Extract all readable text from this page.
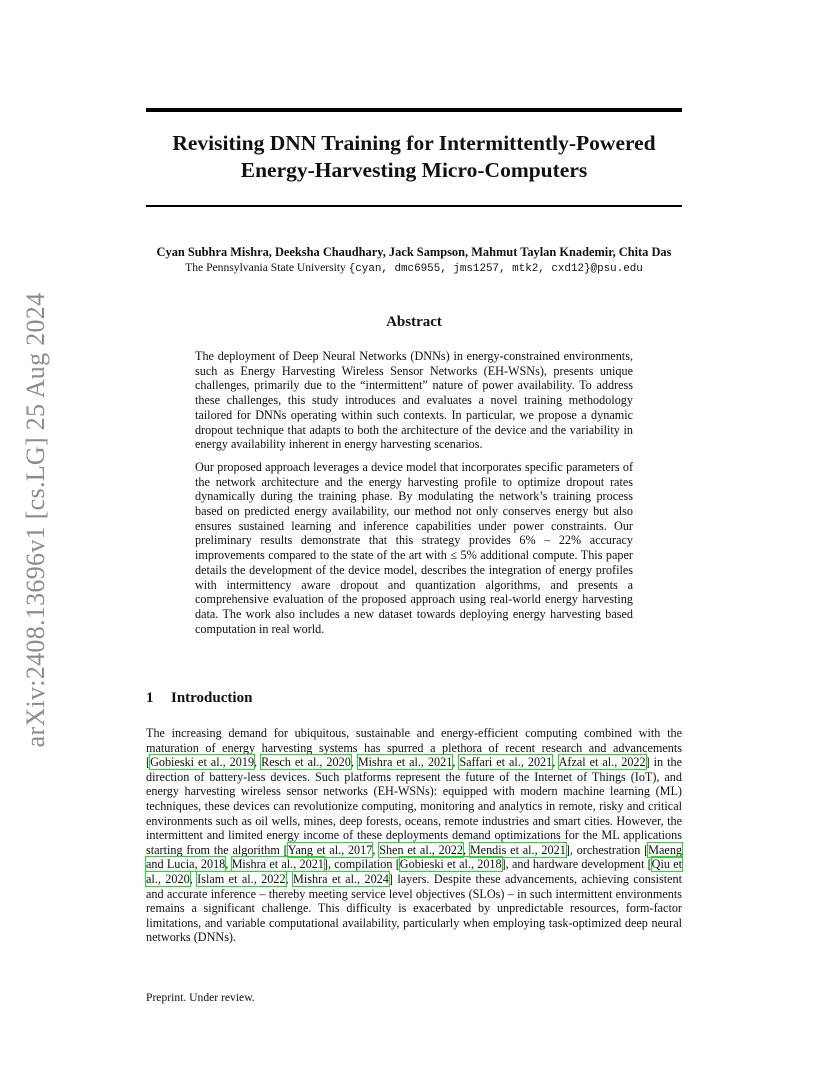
arXiv:2408.13696v1 [cs.LG] 25 Aug 2024
Revisiting DNN Training for Intermittently-Powered
Energy-Harvesting Micro-Computers
Cyan Subhra Mishra, Deeksha Chaudhary, Jack Sampson, Mahmut Taylan Knademir, Chita Das
The Pennsylvania State University {cyan, dmc6955, jms1257, mtk2, cxd12}@psu.edu
Abstract

The deployment of Deep Neural Networks (DNNs) in energy-constrained environments, such as Energy Harvesting Wireless Sensor Networks (EH-WSNs), presents unique challenges, primarily due to the “intermittent” nature of power availability. To address these challenges, this study introduces and evaluates a novel training methodology tailored for DNNs operating within such contexts. In particular, we propose a dynamic dropout technique that adapts to both the architecture of the device and the variability in energy availability inherent in energy harvesting scenarios.

Our proposed approach leverages a device model that incorporates specific parameters of the network architecture and the energy harvesting profile to optimize dropout rates dynamically during the training phase. By modulating the network’s training process based on predicted energy availability, our method not only conserves energy but also ensures sustained learning and inference capabilities under power constraints. Our preliminary results demonstrate that this strategy provides 6% – 22% accuracy improvements compared to the state of the art with ≤ 5% additional compute. This paper details the development of the device model, describes the integration of energy profiles with intermittency aware dropout and quantization algorithms, and presents a comprehensive evaluation of the proposed approach using real-world energy harvesting data. The work also includes a new dataset towards deploying energy harvesting based computation in real world.

1 Introduction

The increasing demand for ubiquitous, sustainable and energy-efficient computing combined with the maturation of energy harvesting systems has spurred a plethora of recent research and advancements [Gobieski et al., 2019, Resch et al., 2020, Mishra et al., 2021, Saffari et al., 2021, Afzal et al., 2022] in the direction of battery-less devices. Such platforms represent the future of the Internet of Things (IoT), and energy harvesting wireless sensor networks (EH-WSNs): equipped with modern machine learning (ML) techniques, these devices can revolutionize computing, monitoring and analytics in remote, risky and critical environments such as oil wells, mines, deep forests, oceans, remote industries and smart cities. However, the intermittent and limited energy income of these deployments demand optimizations for the ML applications starting from the algorithm [Yang et al., 2017, Shen et al., 2022, Mendis et al., 2021], orchestration [Maeng and Lucia, 2018, Mishra et al., 2021], compilation [Gobieski et al., 2018], and hardware development [Qiu et al., 2020, Islam et al., 2022, Mishra et al., 2024] layers. Despite these advancements, achieving consistent and accurate inference – thereby meeting service level objectives (SLOs) – in such intermittent environments remains a significant challenge. This difficulty is exacerbated by unpredictable resources, form-factor limitations, and variable computational availability, particularly when employing task-optimized deep neural networks (DNNs).

Preprint. Under review.
